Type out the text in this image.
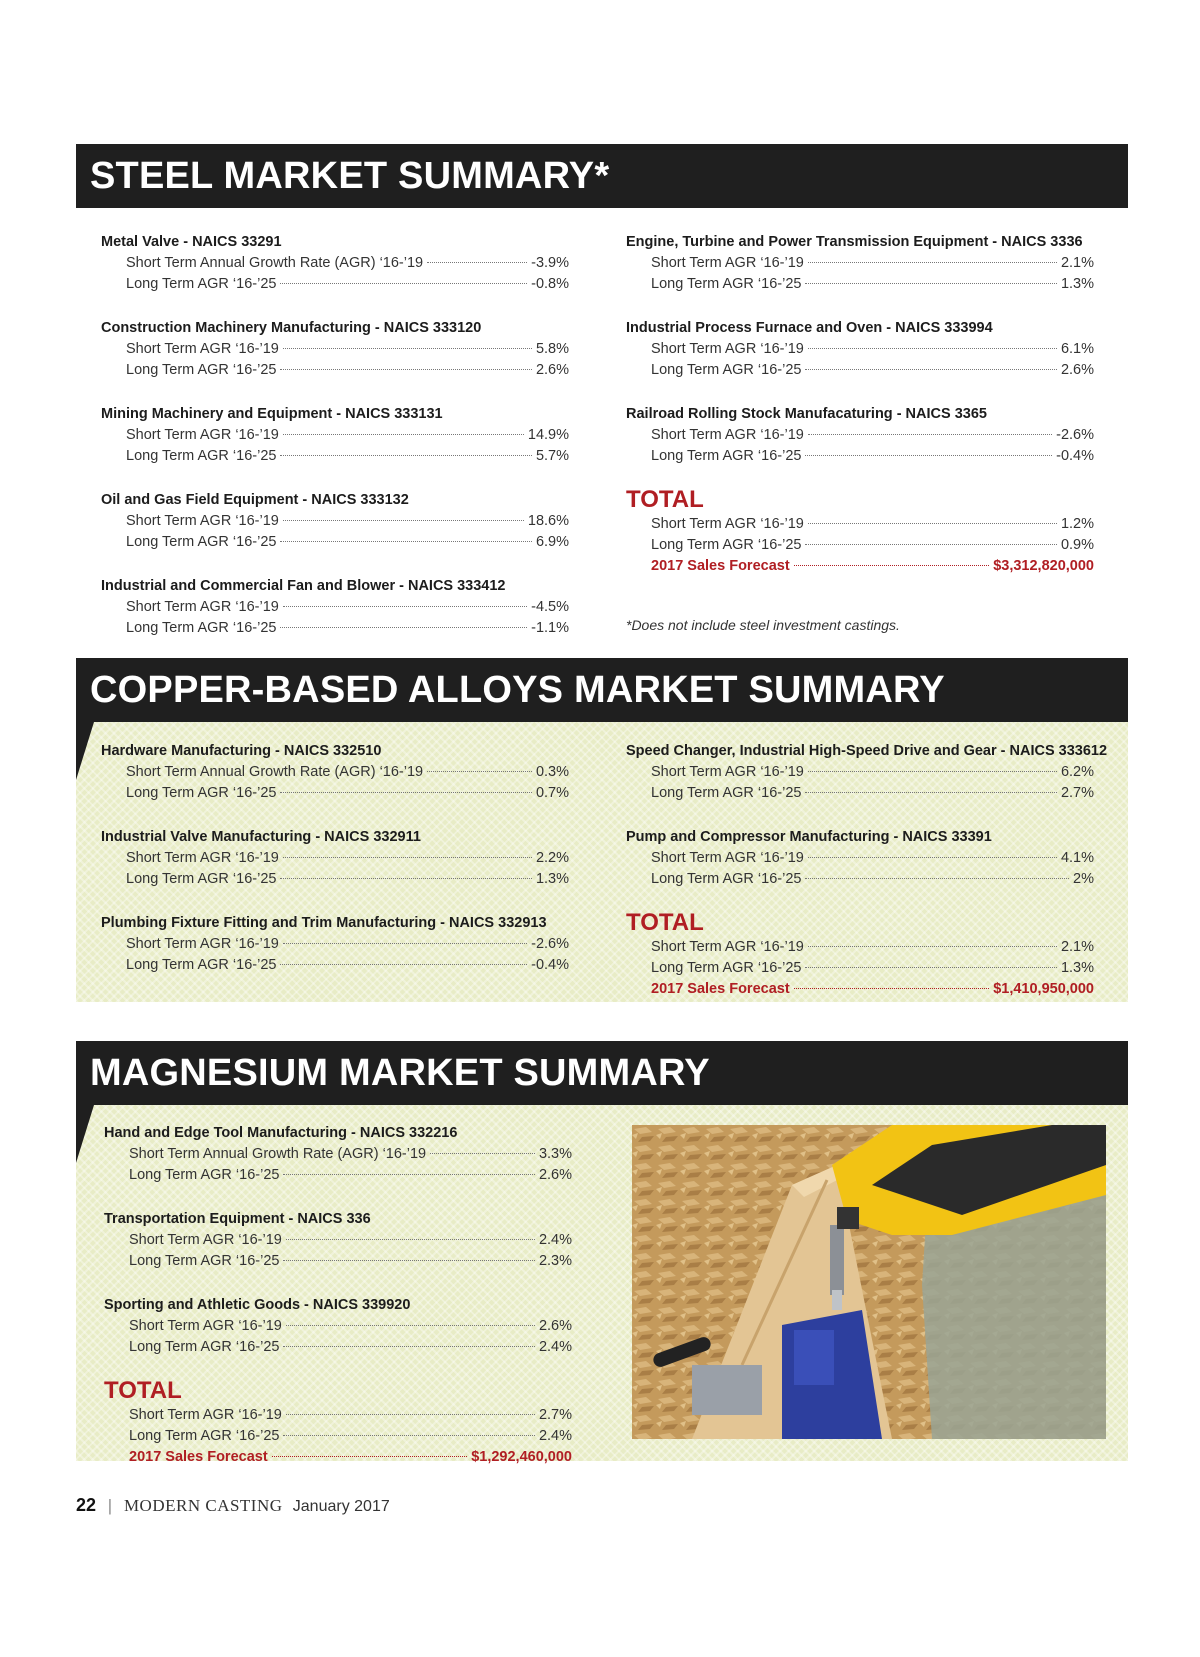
STEEL MARKET SUMMARY*
Metal Valve - NAICS 33291
Short Term Annual Growth Rate (AGR) ‘16-’19	-3.9%
Long Term AGR ‘16-’25	-0.8%
Construction Machinery Manufacturing - NAICS 333120
Short Term AGR ‘16-’19	5.8%
Long Term AGR ‘16-’25	2.6%
Mining Machinery and Equipment - NAICS 333131
Short Term AGR ‘16-’19	14.9%
Long Term AGR ‘16-’25	5.7%
Oil and Gas Field Equipment - NAICS 333132
Short Term AGR ‘16-’19	18.6%
Long Term AGR ‘16-’25	6.9%
Industrial and Commercial Fan and Blower - NAICS 333412
Short Term AGR ‘16-’19	-4.5%
Long Term AGR ‘16-’25	-1.1%
Engine, Turbine and Power Transmission Equipment - NAICS 3336
Short Term AGR ‘16-’19	2.1%
Long Term AGR ‘16-’25	1.3%
Industrial Process Furnace and Oven - NAICS 333994
Short Term AGR ‘16-’19	6.1%
Long Term AGR ‘16-’25	2.6%
Railroad Rolling Stock Manufacaturing - NAICS 3365
Short Term AGR ‘16-’19	-2.6%
Long Term AGR ‘16-’25	-0.4%
TOTAL
Short Term AGR ‘16-’19	1.2%
Long Term AGR ‘16-’25	0.9%
2017 Sales Forecast	$3,312,820,000
*Does not include steel investment castings.
COPPER-BASED ALLOYS MARKET SUMMARY
Hardware Manufacturing - NAICS 332510
Short Term Annual Growth Rate (AGR) ‘16-’19	0.3%
Long Term AGR ‘16-’25	0.7%
Industrial Valve Manufacturing - NAICS 332911
Short Term AGR ‘16-’19	2.2%
Long Term AGR ‘16-’25	1.3%
Plumbing Fixture Fitting and Trim Manufacturing - NAICS 332913
Short Term AGR ‘16-’19	-2.6%
Long Term AGR ‘16-’25	-0.4%
Speed Changer, Industrial High-Speed Drive and Gear - NAICS 333612
Short Term AGR ‘16-’19	6.2%
Long Term AGR ‘16-’25	2.7%
Pump and Compressor Manufacturing - NAICS 33391
Short Term AGR ‘16-’19	4.1%
Long Term AGR ‘16-’25	2%
TOTAL
Short Term AGR ‘16-’19	2.1%
Long Term AGR ‘16-’25	1.3%
2017 Sales Forecast	$1,410,950,000
MAGNESIUM MARKET SUMMARY
Hand and Edge Tool Manufacturing - NAICS 332216
Short Term Annual Growth Rate (AGR) ‘16-’19	3.3%
Long Term AGR ‘16-’25	2.6%
Transportation Equipment - NAICS 336
Short Term AGR ‘16-’19	2.4%
Long Term AGR ‘16-’25	2.3%
Sporting and Athletic Goods - NAICS 339920
Short Term AGR ‘16-’19	2.6%
Long Term AGR ‘16-’25	2.4%
TOTAL
Short Term AGR ‘16-’19	2.7%
Long Term AGR ‘16-’25	2.4%
2017 Sales Forecast	$1,292,460,000
22 | MODERN CASTING January 2017
